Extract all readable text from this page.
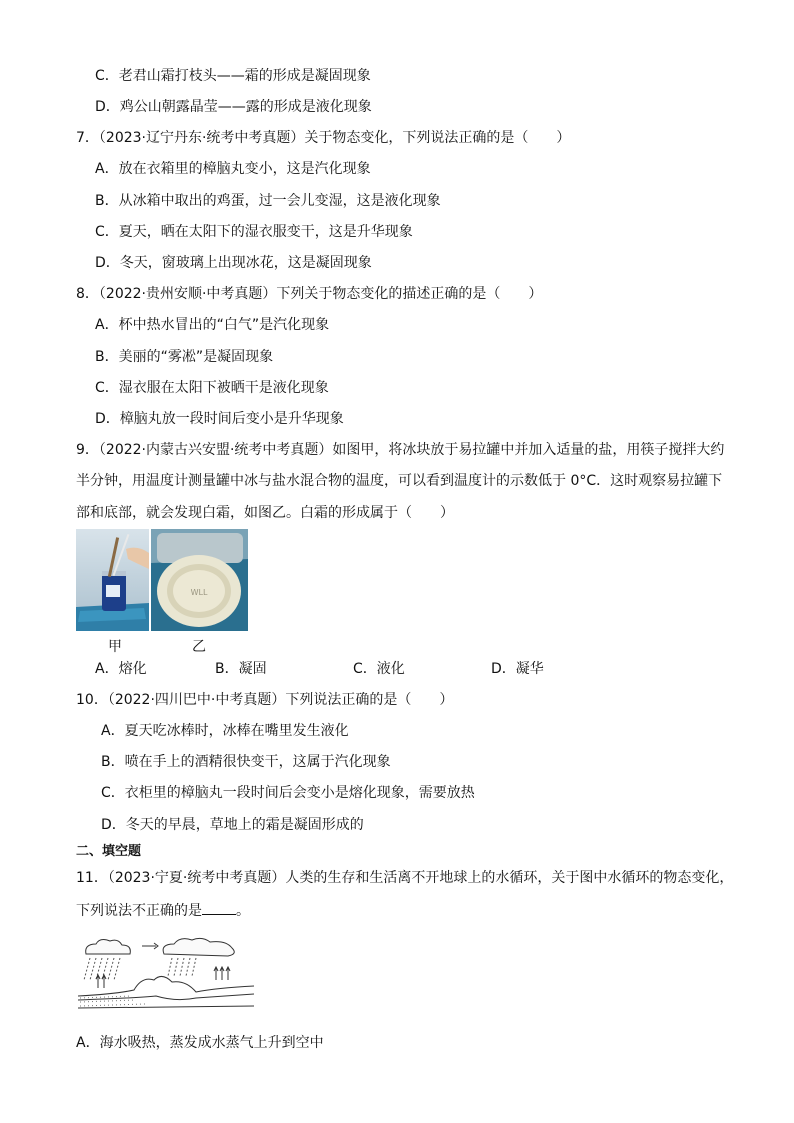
C．老君山霜打枝头——霜的形成是凝固现象
D．鸡公山朝露晶莹——露的形成是液化现象
7．（2023·辽宁丹东·统考中考真题）关于物态变化，下列说法正确的是（　　）
A．放在衣箱里的樟脑丸变小，这是汽化现象
B．从冰箱中取出的鸡蛋，过一会儿变湿，这是液化现象
C．夏天，晒在太阳下的湿衣服变干，这是升华现象
D．冬天，窗玻璃上出现冰花，这是凝固现象
8．（2022·贵州安顺·中考真题）下列关于物态变化的描述正确的是（　　）
A．杯中热水冒出的“白气”是汽化现象
B．美丽的“雾凇”是凝固现象
C．湿衣服在太阳下被晒干是液化现象
D．樟脑丸放一段时间后变小是升华现象
9．（2022·内蒙古兴安盟·统考中考真题）如图甲，将冰块放于易拉罐中并加入适量的盐，用筷子搅拌大约
半分钟，用温度计测量罐中冰与盐水混合物的温度，可以看到温度计的示数低于 0°C．这时观察易拉罐下
部和底部，就会发现白霜，如图乙。白霜的形成属于（　　）
WLL
甲	乙
A．熔化	B．凝固	C．液化	D．凝华
10．（2022·四川巴中·中考真题）下列说法正确的是（　　）
A．夏天吃冰棒时，冰棒在嘴里发生液化
B．喷在手上的酒精很快变干，这属于汽化现象
C．衣柜里的樟脑丸一段时间后会变小是熔化现象，需要放热
D．冬天的早晨，草地上的霜是凝固形成的
二、填空题
11．（2023·宁夏·统考中考真题）人类的生存和生活离不开地球上的水循环，关于图中水循环的物态变化，
下列说法不正确的是 。
A．海水吸热，蒸发成水蒸气上升到空中
